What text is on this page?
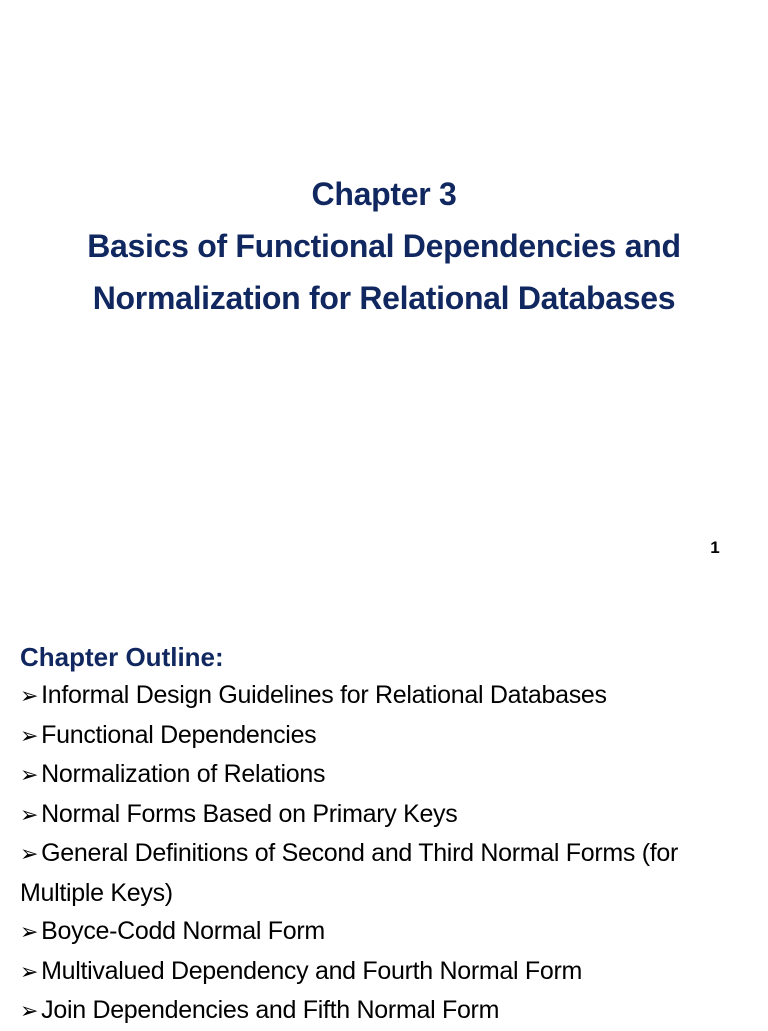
Chapter 3
Basics of Functional Dependencies and
Normalization for Relational Databases
1
Chapter Outline:
➢ Informal Design Guidelines for Relational Databases
➢ Functional Dependencies
➢ Normalization of Relations
➢ Normal Forms Based on Primary Keys
➢ General Definitions of Second and Third Normal Forms (for Multiple Keys)
➢ Boyce-Codd Normal Form
➢ Multivalued Dependency and Fourth Normal Form
➢ Join Dependencies and Fifth Normal Form
